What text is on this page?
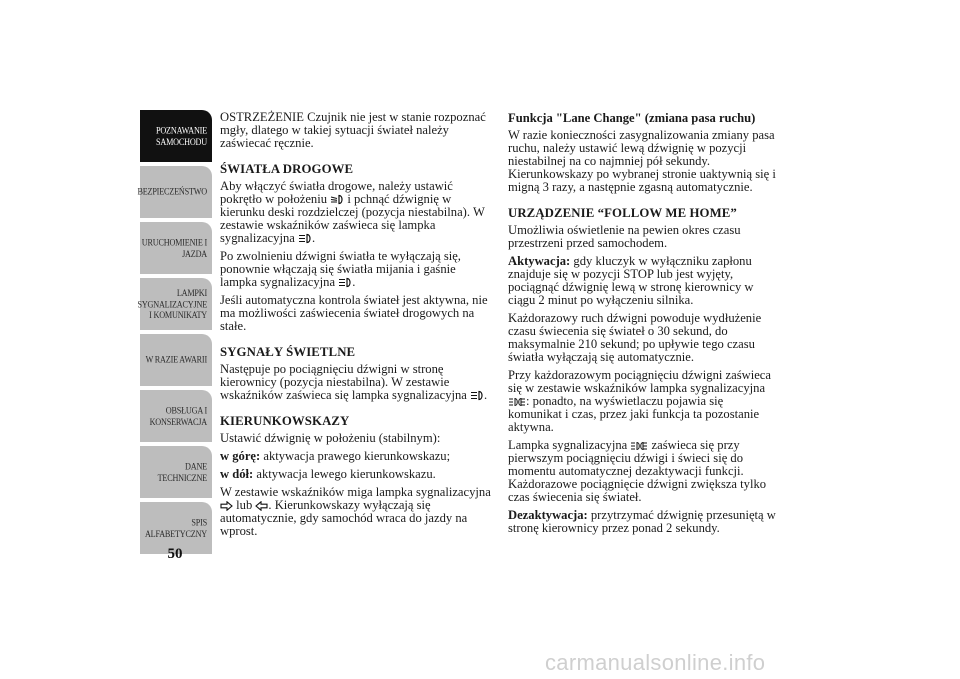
POZNAWANIE
SAMOCHODU
BEZPIECZEŃSTWO
URUCHOMIENIE I
JAZDA
LAMPKI
SYGNALIZACYJNE
I KOMUNIKATY
W RAZIE AWARII
OBSŁUGA I
KONSERWACJA
DANE
TECHNICZNE
SPIS
ALFABETYCZNY
50

OSTRZEŻENIE Czujnik nie jest w stanie rozpoznać mgły, dlatego w takiej sytuacji świateł należy zaświecać ręcznie.

ŚWIATŁA DROGOWE

Aby włączyć światła drogowe, należy ustawić pokrętło w położeniu  i pchnąć dźwignię w kierunku deski rozdzielczej (pozycja niestabilna). W zestawie wskaźników zaświeca się lampka sygnalizacyjna .

Po zwolnieniu dźwigni światła te wyłączają się, ponownie włączają się światła mijania i gaśnie lampka sygnalizacyjna .

Jeśli automatyczna kontrola świateł jest aktywna, nie ma możliwości zaświecenia świateł drogowych na stałe.

SYGNAŁY ŚWIETLNE

Następuje po pociągnięciu dźwigni w stronę kierownicy (pozycja niestabilna). W zestawie wskaźników zaświeca się lampka sygnalizacyjna .

KIERUNKOWSKAZY

Ustawić dźwignię w położeniu (stabilnym):

w górę: aktywacja prawego kierunkowskazu;

w dół: aktywacja lewego kierunkowskazu.

W zestawie wskaźników miga lampka sygnalizacyjna  lub . Kierunkowskazy wyłączają się automatycznie, gdy samochód wraca do jazdy na wprost.

Funkcja "Lane Change" (zmiana pasa ruchu)

W razie konieczności zasygnalizowania zmiany pasa ruchu, należy ustawić lewą dźwignię w pozycji niestabilnej na co najmniej pół sekundy. Kierunkowskazy po wybranej stronie uaktywnią się i migną 3 razy, a następnie zgasną automatycznie.

URZĄDZENIE “FOLLOW ME HOME”

Umożliwia oświetlenie na pewien okres czasu przestrzeni przed samochodem.

Aktywacja: gdy kluczyk w wyłączniku zapłonu znajduje się w pozycji STOP lub jest wyjęty, pociągnąć dźwignię lewą w stronę kierownicy w ciągu 2 minut po wyłączeniu silnika.

Każdorazowy ruch dźwigni powoduje wydłużenie czasu świecenia się świateł o 30 sekund, do maksymalnie 210 sekund; po upływie tego czasu światła wyłączają się automatycznie.

Przy każdorazowym pociągnięciu dźwigni zaświeca się w zestawie wskaźników lampka sygnalizacyjna : ponadto, na wyświetlaczu pojawia się komunikat i czas, przez jaki funkcja ta pozostanie aktywna.

Lampka sygnalizacyjna  zaświeca się przy pierwszym pociągnięciu dźwigi i świeci się do momentu automatycznej dezaktywacji funkcji. Każdorazowe pociągnięcie dźwigni zwiększa tylko czas świecenia się świateł.

Dezaktywacja: przytrzymać dźwignię przesuniętą w stronę kierownicy przez ponad 2 sekundy.

carmanualsonline.info
